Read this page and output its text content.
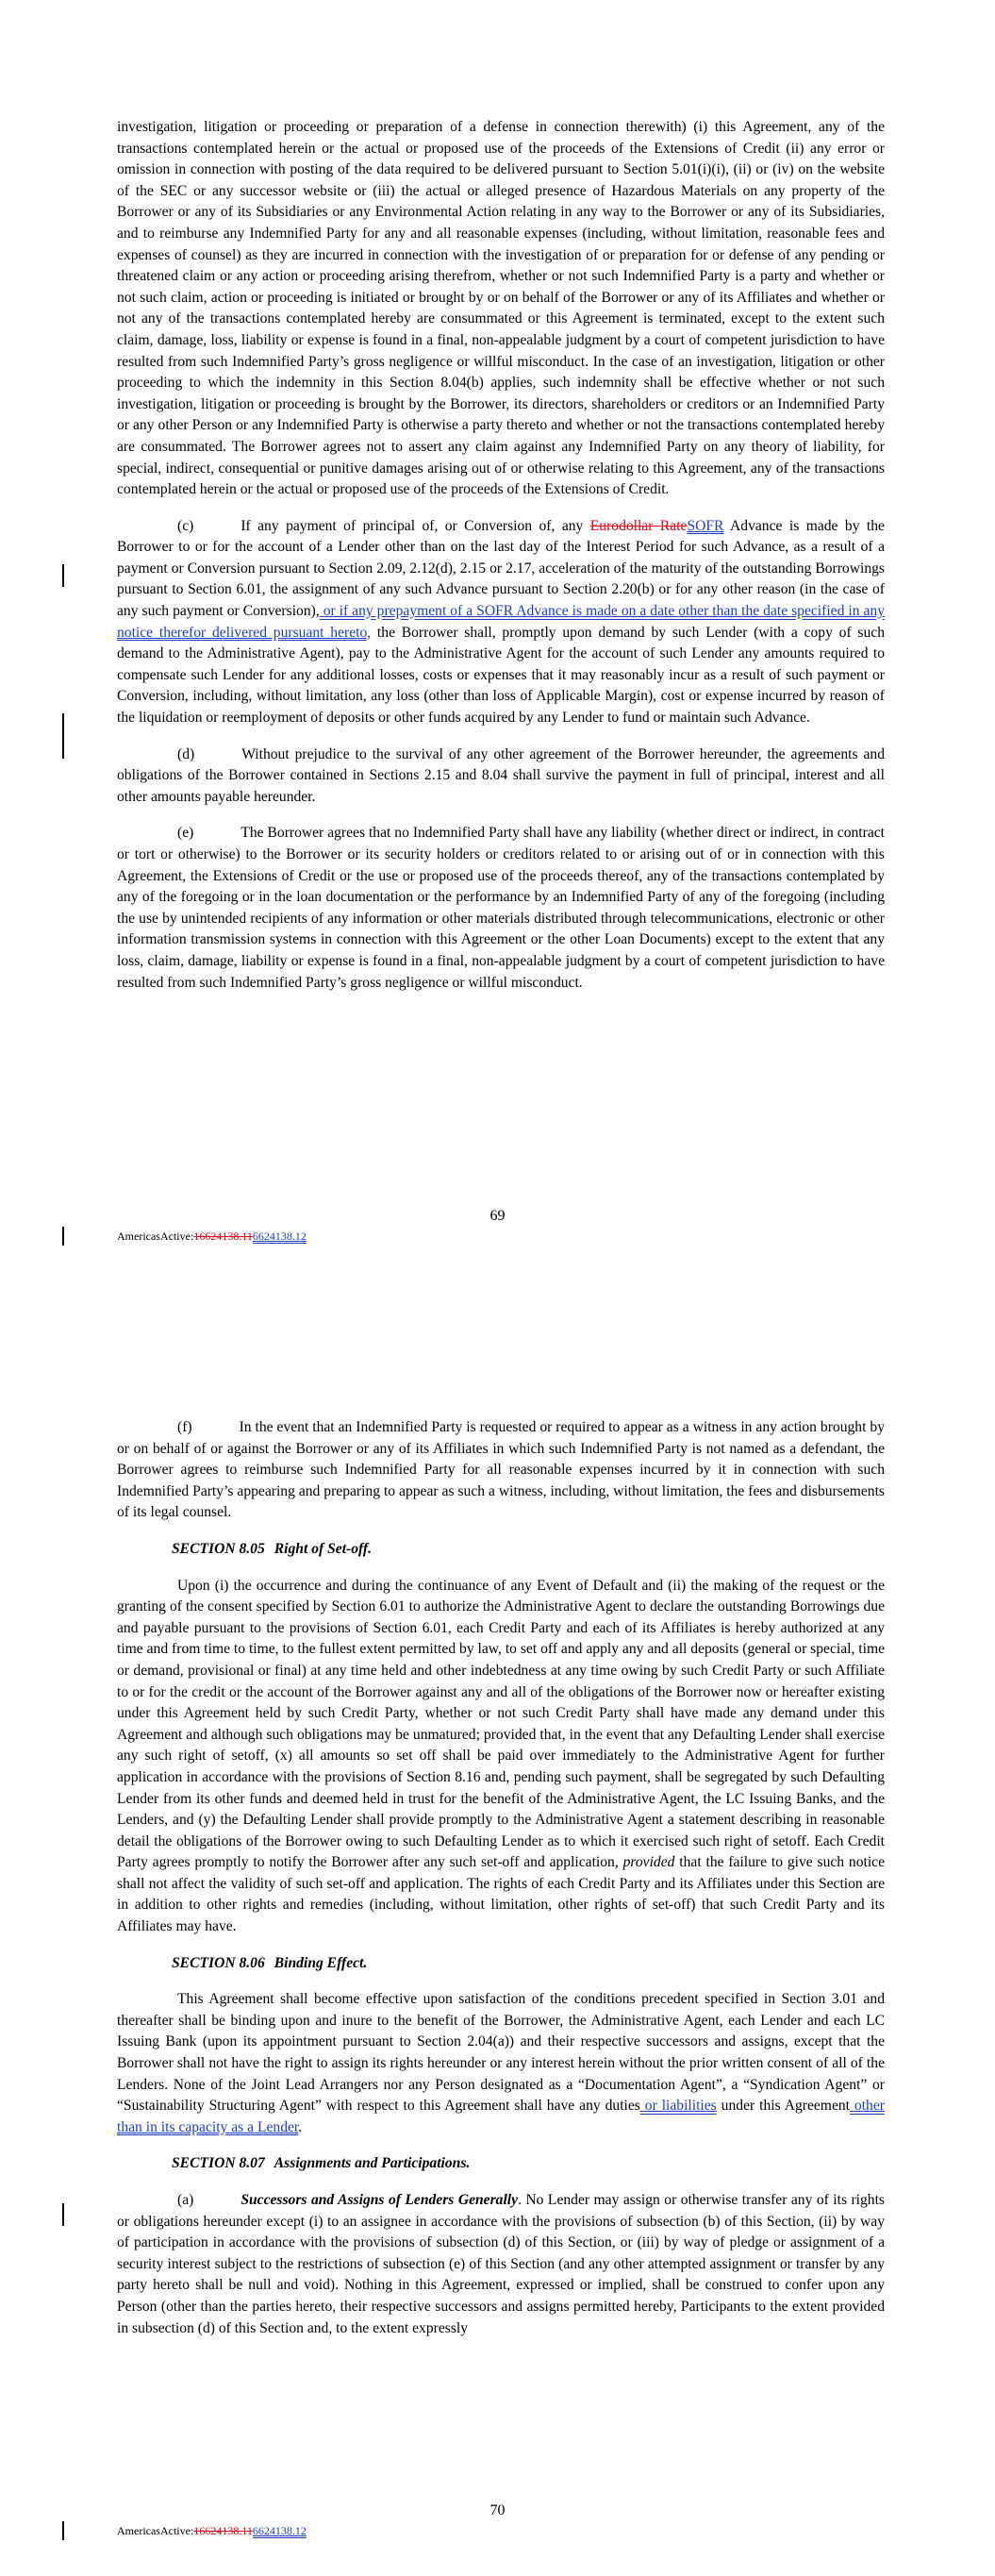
investigation, litigation or proceeding or preparation of a defense in connection therewith) (i) this Agreement, any of the transactions contemplated herein or the actual or proposed use of the proceeds of the Extensions of Credit (ii) any error or omission in connection with posting of the data required to be delivered pursuant to Section 5.01(i)(i), (ii) or (iv) on the website of the SEC or any successor website or (iii) the actual or alleged presence of Hazardous Materials on any property of the Borrower or any of its Subsidiaries or any Environmental Action relating in any way to the Borrower or any of its Subsidiaries, and to reimburse any Indemnified Party for any and all reasonable expenses (including, without limitation, reasonable fees and expenses of counsel) as they are incurred in connection with the investigation of or preparation for or defense of any pending or threatened claim or any action or proceeding arising therefrom, whether or not such Indemnified Party is a party and whether or not such claim, action or proceeding is initiated or brought by or on behalf of the Borrower or any of its Affiliates and whether or not any of the transactions contemplated hereby are consummated or this Agreement is terminated, except to the extent such claim, damage, loss, liability or expense is found in a final, non-appealable judgment by a court of competent jurisdiction to have resulted from such Indemnified Party’s gross negligence or willful misconduct. In the case of an investigation, litigation or other proceeding to which the indemnity in this Section 8.04(b) applies, such indemnity shall be effective whether or not such investigation, litigation or proceeding is brought by the Borrower, its directors, shareholders or creditors or an Indemnified Party or any other Person or any Indemnified Party is otherwise a party thereto and whether or not the transactions contemplated hereby are consummated. The Borrower agrees not to assert any claim against any Indemnified Party on any theory of liability, for special, indirect, consequential or punitive damages arising out of or otherwise relating to this Agreement, any of the transactions contemplated herein or the actual or proposed use of the proceeds of the Extensions of Credit.

(c)	If any payment of principal of, or Conversion of, any Eurodollar RateSOFR Advance is made by the Borrower to or for the account of a Lender other than on the last day of the Interest Period for such Advance, as a result of a payment or Conversion pursuant to Section 2.09, 2.12(d), 2.15 or 2.17, acceleration of the maturity of the outstanding Borrowings pursuant to Section 6.01, the assignment of any such Advance pursuant to Section 2.20(b) or for any other reason (in the case of any such payment or Conversion), or if any prepayment of a SOFR Advance is made on a date other than the date specified in any notice therefor delivered pursuant hereto, the Borrower shall, promptly upon demand by such Lender (with a copy of such demand to the Administrative Agent), pay to the Administrative Agent for the account of such Lender any amounts required to compensate such Lender for any additional losses, costs or expenses that it may reasonably incur as a result of such payment or Conversion, including, without limitation, any loss (other than loss of Applicable Margin), cost or expense incurred by reason of the liquidation or reemployment of deposits or other funds acquired by any Lender to fund or maintain such Advance.

(d)	Without prejudice to the survival of any other agreement of the Borrower hereunder, the agreements and obligations of the Borrower contained in Sections 2.15 and 8.04 shall survive the payment in full of principal, interest and all other amounts payable hereunder.

(e)	The Borrower agrees that no Indemnified Party shall have any liability (whether direct or indirect, in contract or tort or otherwise) to the Borrower or its security holders or creditors related to or arising out of or in connection with this Agreement, the Extensions of Credit or the use or proposed use of the proceeds thereof, any of the transactions contemplated by any of the foregoing or in the loan documentation or the performance by an Indemnified Party of any of the foregoing (including the use by unintended recipients of any information or other materials distributed through telecommunications, electronic or other information transmission systems in connection with this Agreement or the other Loan Documents) except to the extent that any loss, claim, damage, liability or expense is found in a final, non-appealable judgment by a court of competent jurisdiction to have resulted from such Indemnified Party’s gross negligence or willful misconduct.

69
AmericasActive:16624138.116624138.12

(f)	In the event that an Indemnified Party is requested or required to appear as a witness in any action brought by or on behalf of or against the Borrower or any of its Affiliates in which such Indemnified Party is not named as a defendant, the Borrower agrees to reimburse such Indemnified Party for all reasonable expenses incurred by it in connection with such Indemnified Party’s appearing and preparing to appear as such a witness, including, without limitation, the fees and disbursements of its legal counsel.

SECTION 8.05 Right of Set-off.

Upon (i) the occurrence and during the continuance of any Event of Default and (ii) the making of the request or the granting of the consent specified by Section 6.01 to authorize the Administrative Agent to declare the outstanding Borrowings due and payable pursuant to the provisions of Section 6.01, each Credit Party and each of its Affiliates is hereby authorized at any time and from time to time, to the fullest extent permitted by law, to set off and apply any and all deposits (general or special, time or demand, provisional or final) at any time held and other indebtedness at any time owing by such Credit Party or such Affiliate to or for the credit or the account of the Borrower against any and all of the obligations of the Borrower now or hereafter existing under this Agreement held by such Credit Party, whether or not such Credit Party shall have made any demand under this Agreement and although such obligations may be unmatured; provided that, in the event that any Defaulting Lender shall exercise any such right of setoff, (x) all amounts so set off shall be paid over immediately to the Administrative Agent for further application in accordance with the provisions of Section 8.16 and, pending such payment, shall be segregated by such Defaulting Lender from its other funds and deemed held in trust for the benefit of the Administrative Agent, the LC Issuing Banks, and the Lenders, and (y) the Defaulting Lender shall provide promptly to the Administrative Agent a statement describing in reasonable detail the obligations of the Borrower owing to such Defaulting Lender as to which it exercised such right of setoff. Each Credit Party agrees promptly to notify the Borrower after any such set-off and application, provided that the failure to give such notice shall not affect the validity of such set-off and application. The rights of each Credit Party and its Affiliates under this Section are in addition to other rights and remedies (including, without limitation, other rights of set-off) that such Credit Party and its Affiliates may have.

SECTION 8.06 Binding Effect.

This Agreement shall become effective upon satisfaction of the conditions precedent specified in Section 3.01 and thereafter shall be binding upon and inure to the benefit of the Borrower, the Administrative Agent, each Lender and each LC Issuing Bank (upon its appointment pursuant to Section 2.04(a)) and their respective successors and assigns, except that the Borrower shall not have the right to assign its rights hereunder or any interest herein without the prior written consent of all of the Lenders. None of the Joint Lead Arrangers nor any Person designated as a “Documentation Agent”, a “Syndication Agent” or “Sustainability Structuring Agent” with respect to this Agreement shall have any duties or liabilities under this Agreement other than in its capacity as a Lender.

SECTION 8.07 Assignments and Participations.

(a)	Successors and Assigns of Lenders Generally. No Lender may assign or otherwise transfer any of its rights or obligations hereunder except (i) to an assignee in accordance with the provisions of subsection (b) of this Section, (ii) by way of participation in accordance with the provisions of subsection (d) of this Section, or (iii) by way of pledge or assignment of a security interest subject to the restrictions of subsection (e) of this Section (and any other attempted assignment or transfer by any party hereto shall be null and void). Nothing in this Agreement, expressed or implied, shall be construed to confer upon any Person (other than the parties hereto, their respective successors and assigns permitted hereby, Participants to the extent provided in subsection (d) of this Section and, to the extent expressly

70
AmericasActive:16624138.116624138.12
